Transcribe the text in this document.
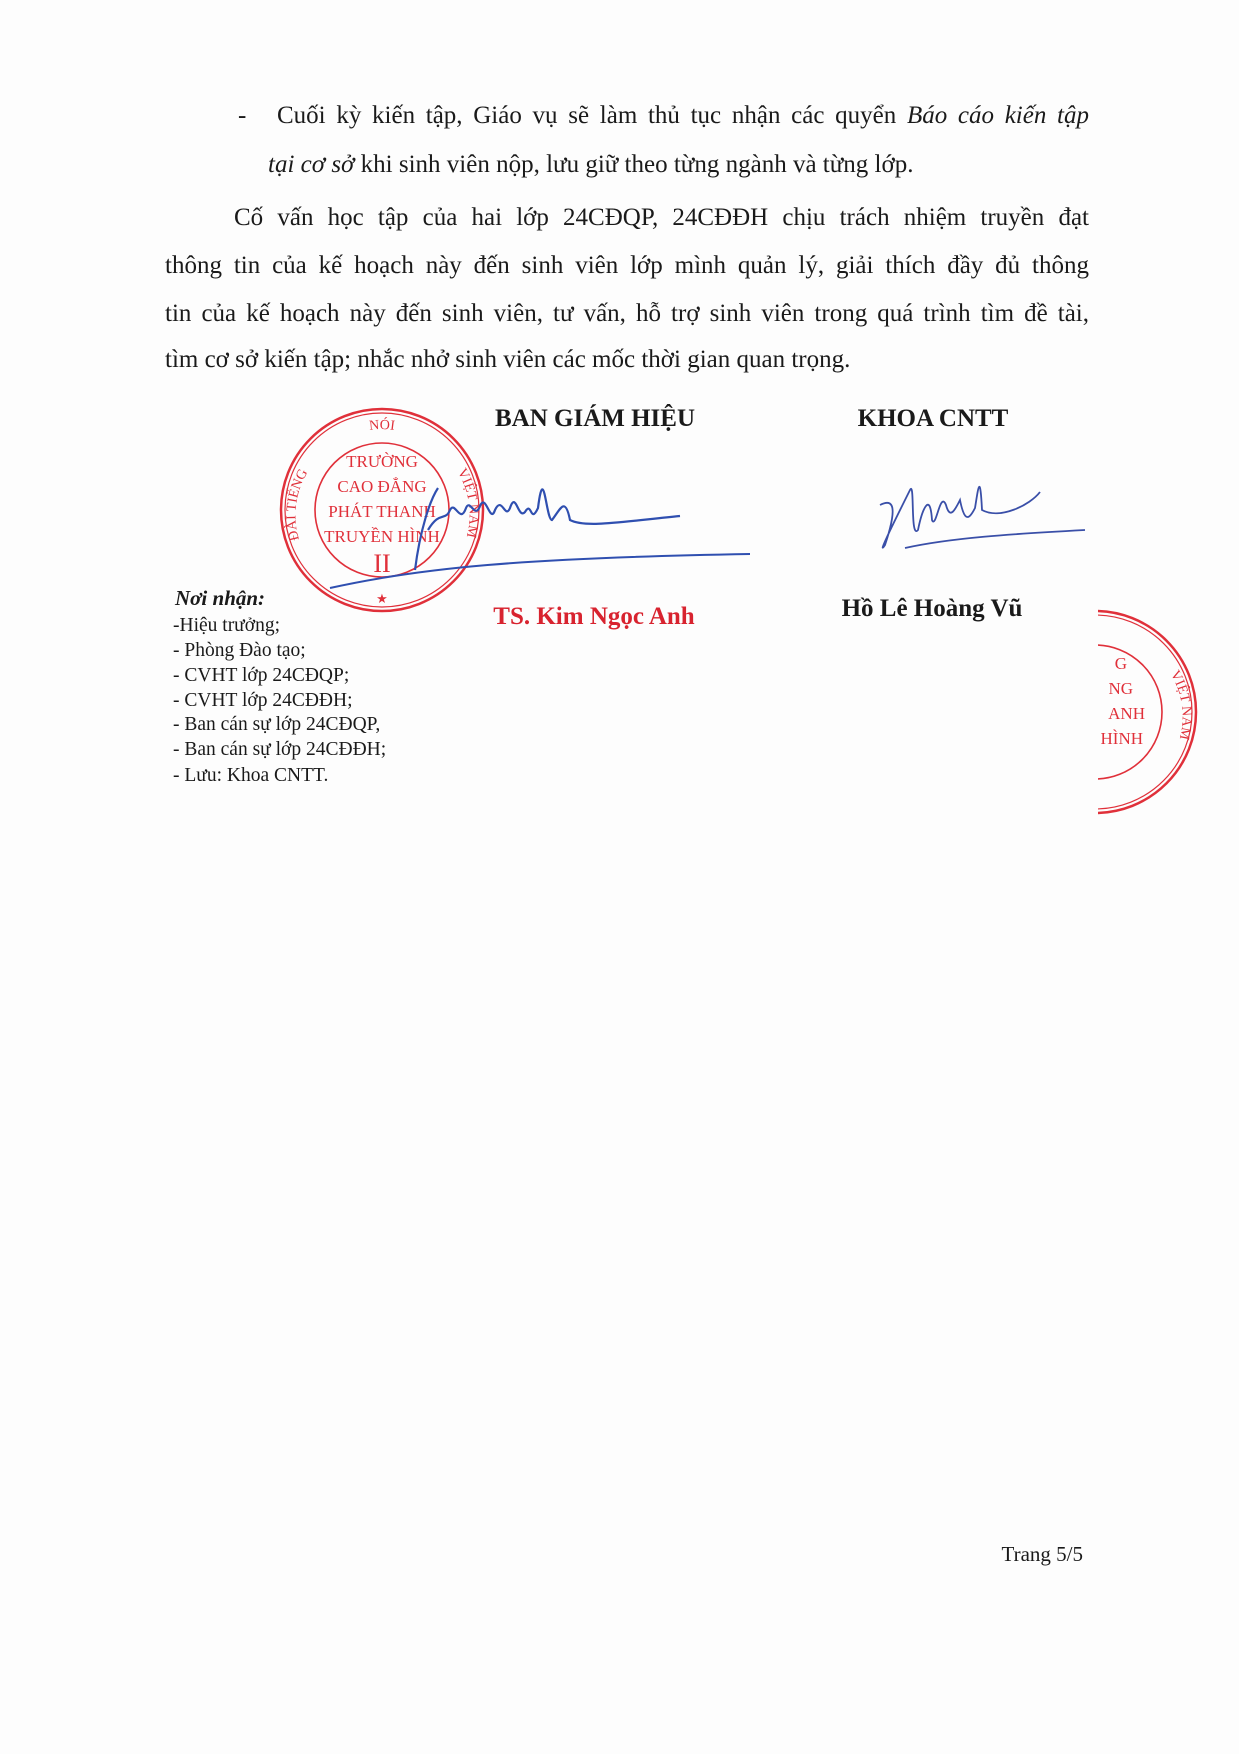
- Cuối kỳ kiến tập, Giáo vụ sẽ làm thủ tục nhận các quyển Báo cáo kiến tập
tại cơ sở khi sinh viên nộp, lưu giữ theo từng ngành và từng lớp.
Cố vấn học tập của hai lớp 24CĐQP, 24CĐĐH chịu trách nhiệm truyền đạt
thông tin của kế hoạch này đến sinh viên lớp mình quản lý, giải thích đầy đủ thông
tin của kế hoạch này đến sinh viên, tư vấn, hỗ trợ sinh viên trong quá trình tìm đề tài,
tìm cơ sở kiến tập; nhắc nhở sinh viên các mốc thời gian quan trọng.
ĐÀI TIẾNG
NÓI
VIỆT NAM
TRƯỜNG
CAO ĐẲNG
PHÁT THANH
TRUYỀN HÌNH
II
★
BAN GIÁM HIỆU	KHOA CNTT
TS. Kim Ngọc Anh	Hồ Lê Hoàng Vũ
Nơi nhận:
-Hiệu trưởng;
- Phòng Đào tạo;
- CVHT lớp 24CĐQP;
- CVHT lớp 24CĐĐH;
- Ban cán sự lớp 24CĐQP,
- Ban cán sự lớp 24CĐĐH;
- Lưu: Khoa CNTT.
VIỆT NAM
G
NG
ANH
HÌNH
Trang 5/5
